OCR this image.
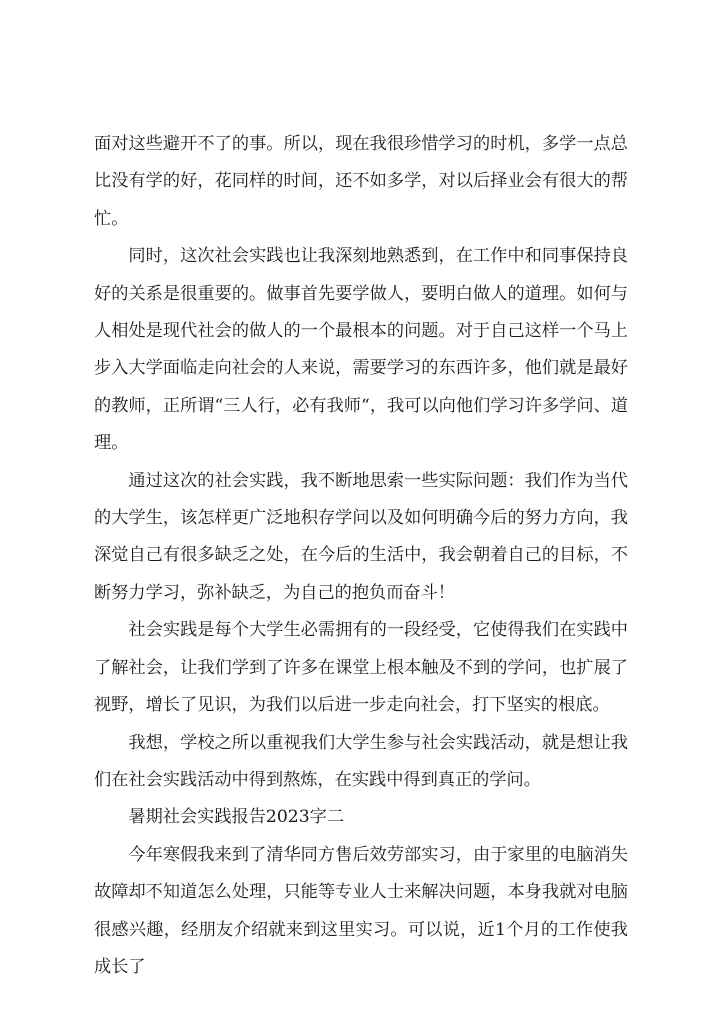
面对这些避开不了的事。所以，现在我很珍惜学习的时机，多学一点总比没有学的好，花同样的时间，还不如多学，对以后择业会有很大的帮忙。

同时，这次社会实践也让我深刻地熟悉到，在工作中和同事保持良好的关系是很重要的。做事首先要学做人，要明白做人的道理。如何与人相处是现代社会的做人的一个最根本的问题。对于自己这样一个马上步入大学面临走向社会的人来说，需要学习的东西许多，他们就是最好的教师，正所谓“三人行，必有我师“，我可以向他们学习许多学问、道理。

通过这次的社会实践，我不断地思索一些实际问题：我们作为当代的大学生，该怎样更广泛地积存学问以及如何明确今后的努力方向，我深觉自己有很多缺乏之处，在今后的生活中，我会朝着自己的目标，不断努力学习，弥补缺乏，为自己的抱负而奋斗！

社会实践是每个大学生必需拥有的一段经受，它使得我们在实践中了解社会，让我们学到了许多在课堂上根本触及不到的学问，也扩展了视野，增长了见识，为我们以后进一步走向社会，打下坚实的根底。

我想，学校之所以重视我们大学生参与社会实践活动，就是想让我们在社会实践活动中得到熬炼，在实践中得到真正的学问。

暑期社会实践报告2023字二

今年寒假我来到了清华同方售后效劳部实习，由于家里的电脑消失故障却不知道怎么处理，只能等专业人士来解决问题，本身我就对电脑很感兴趣，经朋友介绍就来到这里实习。可以说，近1个月的工作使我成长了
